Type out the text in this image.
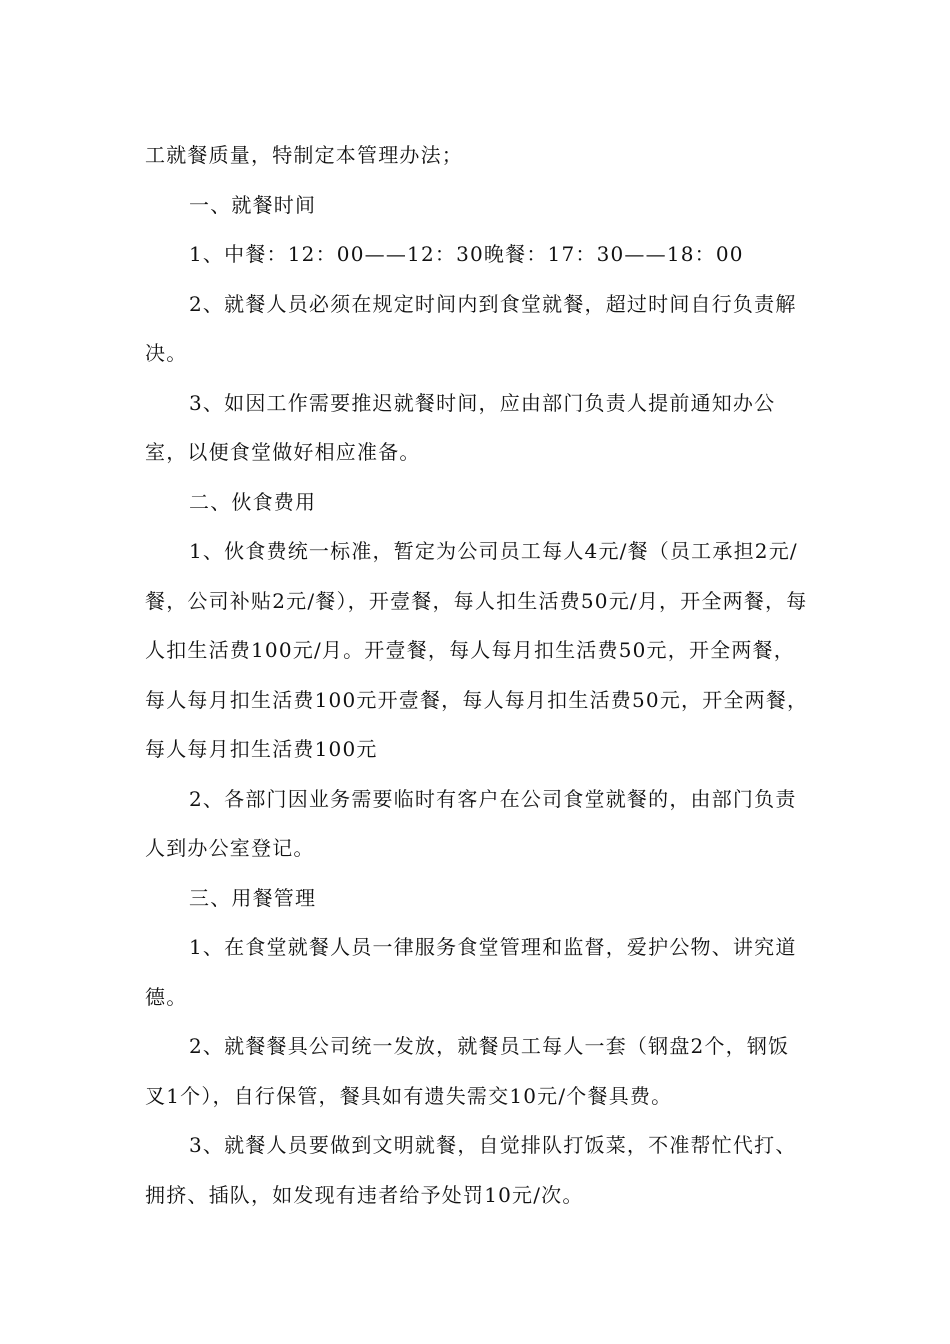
工就餐质量，特制定本管理办法；

一、就餐时间

1、中餐：12：00——12：30晚餐：17：30——18：00

2、就餐人员必须在规定时间内到食堂就餐，超过时间自行负责解决。

3、如因工作需要推迟就餐时间，应由部门负责人提前通知办公室，以便食堂做好相应准备。

二、伙食费用

1、伙食费统一标准，暂定为公司员工每人4元/餐（员工承担2元/餐，公司补贴2元/餐），开壹餐，每人扣生活费50元/月，开全两餐，每人扣生活费100元/月。开壹餐，每人每月扣生活费50元，开全两餐，每人每月扣生活费100元开壹餐，每人每月扣生活费50元，开全两餐，每人每月扣生活费100元

2、各部门因业务需要临时有客户在公司食堂就餐的，由部门负责人到办公室登记。

三、用餐管理

1、在食堂就餐人员一律服务食堂管理和监督，爱护公物、讲究道德。

2、就餐餐具公司统一发放，就餐员工每人一套（钢盘2个，钢饭叉1个），自行保管，餐具如有遗失需交10元/个餐具费。

3、就餐人员要做到文明就餐，自觉排队打饭菜，不准帮忙代打、拥挤、插队，如发现有违者给予处罚10元/次。
